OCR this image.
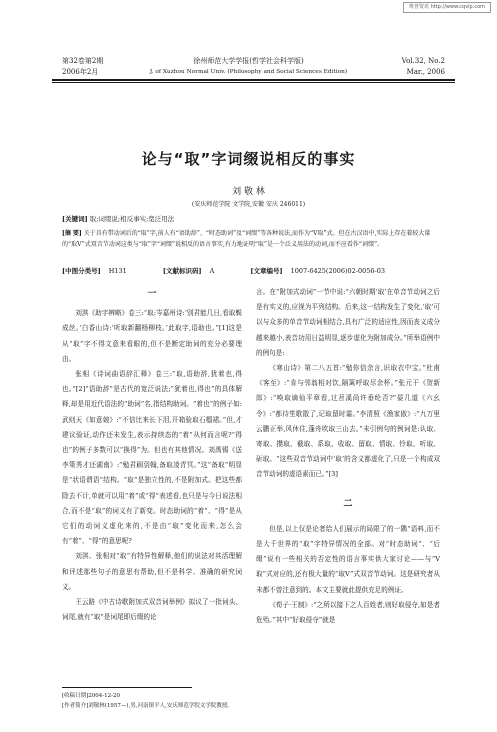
维普资讯 http://www.cqvip.com
第32卷第2期
2006年2月
徐州师范大学学报(哲学社会科学版)
J. of Xuzhou Normal Univ. (Philosophy and Social Sciences Edition)
Vol.32, No.2
Mar., 2006
论与“取”字词缀说相反的事实
刘 敬 林
(安庆师范学院 文学院,安徽 安庆 246011)
[关键词] 取;词缀说;相反事实;宽泛用法
[摘 要] 关于具有带动词后的“取”字,前人有“语助辞”、“时态助词”及“词缀”等各种说法,而作为“V取”式。但在古汉语中,实际上存在着较大量的“取V”式双音节动词这类与“取”字“词缀”说相反的语言事实,有力地证明“取”是一个泛义用法的动词,而不应看作“词缀”。
[中图分类号] H131	[文献标识码] A	[文章编号] 1007-6425(2006)02-0056-03
一

刘淇《助字辨略》卷三:“取:岑嘉州诗:‘别君能几日,看取鬓成丝。’白香山诗:‘听取新翻杨柳枝。’此取字,语助也。”[1]这是从“取”字不得文意来看眼的,但不是断定助词的充分必要理由。

张相《诗词曲语辞汇释》卷三:“取,语助辞,犹着也,得也。”[2]“语助辞”是古代的宽泛说法;“犹着也,得也”的具体解释,却是用近代语法的“助词”名,指结构助词。“着也”的例子如:武则天《如意娘》:“不信比来长下泪,开箱验取石榴裙。”但,才建议验证,动作还未发生,表示持续态的“着”从何而言呢?“得也”的例子多数可以“换得”为。但也有其他情况。刘禹锡《送李策秀才还湖南》:“勉君刷羽翰,备取凌青冥。”这“备取”明显是“状语谓语”结构。“取”是独立性的,不是附加式。把这些都除去不计,单就可以用“着”或“得”表述看,也只是与今日说法相合,而不是“取”的词义有了新变。时态助词的“着”、“得”是从它们的动词义虚化来的,不是由“取”变化而来,怎么会有“着”、“得”的意思呢?

刘淇、张相对“取”有特异性解释,他们的说法对其活理解和评述那些句子的意思有帮助,但不是科学、准确的研究词义。

王云路《中古诗歌附加式双音词举例》拟议了一批词头、词尾,就有“取”是词尾即后缀的论

言。在“附加式动词”一节中说:“六朝时期‘取’在单音节动词之后是有实义的,应视为平列结构。后来,这一结构发生了变化,‘取’可以与众多的单音节动词相结合,具有广泛的适应性,因而丧义成分越来越小,表音功用日益明显,逐步虚化为附加成分。”所举语例中的例句是:

《寒山诗》第二八五首:“勉你信余言,识取衣中宝。”杜甫《客至》:“肯与邻翁相对饮,隔篱呼取尽余杯。”张元干《贺新郎》:“唤取谪仙平章看,过苕溪尚许垂纶否?”晏几道《六幺令》:“都待笙歌散了,记取留时霎。”李清照《渔家傲》:“九万里云鹏正举,风休住,蓬舟吹取三山去。”未引例句的例词是:认取、寄取、攒取、截取、系取、收取、留取、情取、怜取、听取、斫取。“这些双音节动词中‘取’的含义都虚化了,只是一个构成双音节动词的虚语素而已。”[3]

二

但是,以上仅是论者给人们展示的局限了的一隅“语料,而不是大千世界的“取”字特异情况的全部。对“时态助词”、“后缀”说有一些相关的否定性的语言事实供大家讨论——与“V取”式对应的,还有极大量的“取V”式双音节动词。这是研究者从未都不曾注意到的。本文主要就此提供充足的例证。

《荀子·王制》:“之所以接下之人百姓者,则好取侵夺,如是者危殆。”其中“好取侵夺”就是

[收稿日期]2004-12-20
[作者简介]刘敬林(1957—),男,河南镇平人,安庆师范学院文学院教授。
